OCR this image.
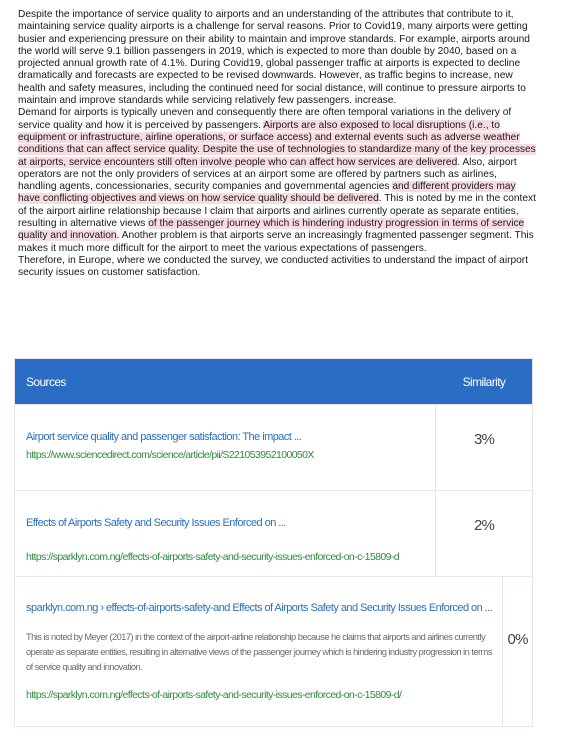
Despite the importance of service quality to airports and an understanding of the attributes that contribute to it, maintaining service quality airports is a challenge for serval reasons. Prior to Covid19, many airports were getting busier and experiencing pressure on their ability to maintain and improve standards. For example, airports around the world will serve 9.1 billion passengers in 2019, which is expected to more than double by 2040, based on a projected annual growth rate of 4.1%. During Covid19, global passenger traffic at airports is expected to decline dramatically and forecasts are expected to be revised downwards. However, as traffic begins to increase, new health and safety measures, including the continued need for social distance, will continue to pressure airports to maintain and improve standards while servicing relatively few passengers. increase.

Demand for airports is typically uneven and consequently there are often temporal variations in the delivery of service quality and how it is perceived by passengers. Airports are also exposed to local disruptions (i.e., to equipment or infrastructure, airline operations, or surface access) and external events such as adverse weather conditions that can affect service quality. Despite the use of technologies to standardize many of the key processes at airports, service encounters still often involve people who can affect how services are delivered. Also, airport operators are not the only providers of services at an airport some are offered by partners such as airlines, handling agents, concessionaries, security companies and governmental agencies and different providers may have conflicting objectives and views on how service quality should be delivered. This is noted by me in the context of the airport airline relationship because I claim that airports and airlines currently operate as separate entities, resulting in alternative views of the passenger journey which is hindering industry progression in terms of service quality and innovation. Another problem is that airports serve an increasingly fragmented passenger segment. This makes it much more difficult for the airport to meet the various expectations of passengers.

Therefore, in Europe, where we conducted the survey, we conducted activities to understand the impact of airport security issues on customer satisfaction.

Sources	Similarity
Airport service quality and passenger satisfaction: The impact ...
https://www.sciencedirect.com/science/article/pii/S221053952100050X
3%
Effects of Airports Safety and Security Issues Enforced on ...
https://sparklyn.com.ng/effects-of-airports-safety-and-security-issues-enforced-on-c-15809-d
2%
sparklyn.com.ng › effects-of-airports-safety-and Effects of Airports Safety and Security Issues Enforced on ...
This is noted by Meyer (2017) in the context of the airport-airline relationship because he claims that airports and airlines currently operate as separate entities, resulting in alternative views of the passenger journey which is hindering industry progression in terms of service quality and innovation.
https://sparklyn.com.ng/effects-of-airports-safety-and-security-issues-enforced-on-c-15809-d/
0%
